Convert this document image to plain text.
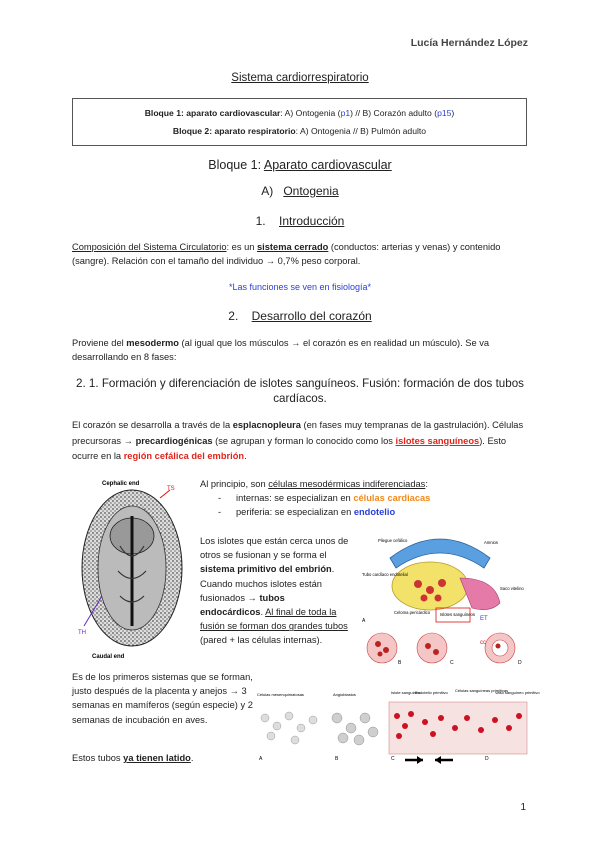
Lucía Hernández López
Sistema cardiorrespiratorio
Bloque 1: aparato cardiovascular: A) Ontogenia (p1) // B) Corazón adulto (p15)
Bloque 2: aparato respiratorio: A) Ontogenia // B) Pulmón adulto
Bloque 1: Aparato cardiovascular
A) Ontogenia
1. Introducción
Composición del Sistema Circulatorio: es un sistema cerrado (conductos: arterias y venas) y contenido (sangre). Relación con el tamaño del individuo → 0,7% peso corporal.
*Las funciones se ven en fisiología*
2. Desarrollo del corazón
Proviene del mesodermo (al igual que los músculos → el corazón es en realidad un músculo). Se va desarrollando en 8 fases:
2. 1. Formación y diferenciación de islotes sanguíneos. Fusión: formación de dos tubos cardíacos.
El corazón se desarrolla a través de la esplacnopleura (en fases muy tempranas de la gastrulación). Células precursoras → precardiogénicas (se agrupan y forman lo conocido como los islotes sanguíneos). Esto ocurre en la región cefálica del embrión.
Cephalic end
TS
TH
Caudal end
Al principio, son células mesodérmicas indiferenciadas:
- internas: se especializan en células cardiacas
- periferia: se especializan en endotelio
Los islotes que están cerca unos de otros se fusionan y se forma el sistema primitivo del embrión. Cuando muchos islotes están fusionados → tubos endocárdicos. Al final de toda la fusión se forman dos grandes tubos (pared + las células internas).
Pliegue cefálico	Amnios
Tubo cardíaco endotelial
Saco vitelino
Celoma pericárdico Islotes sanguíneos
ET
A
B	C
cc
D
Es de los primeros sistemas que se forman, justo después de la placenta y anejos → 3 semanas en mamíferos (según especie) y 2 semanas de incubación en aves.
Estos tubos ya tienen latido.
Células mesenquimatosas	Angioblastos	Islote sanguíneo
Endotelio primitivo Células sanguíneas primitivas
Vaso sanguíneo primitivo
A	B	C	D
1
